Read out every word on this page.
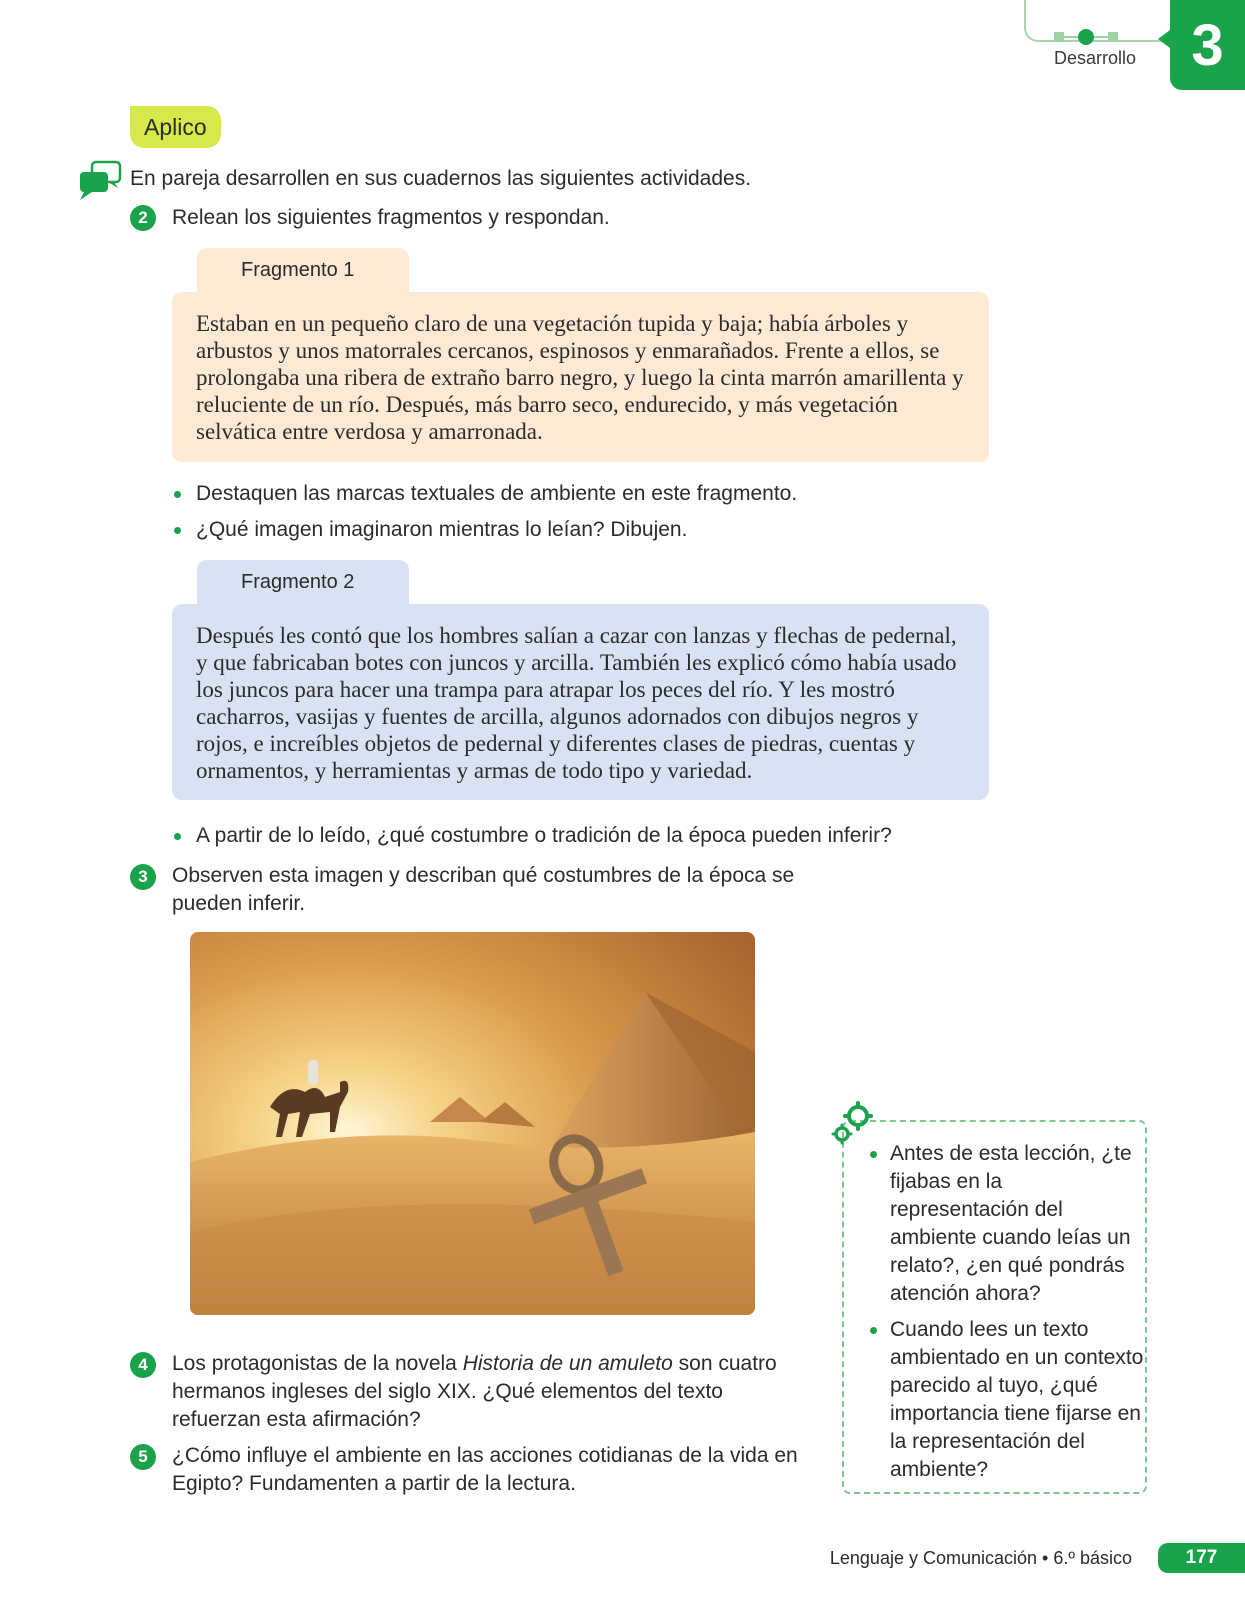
Desarrollo 3
Aplico
En pareja desarrollen en sus cuadernos las siguientes actividades.
2	Relean los siguientes fragmentos y respondan.
Fragmento 1
Estaban en un pequeño claro de una vegetación tupida y baja; había árboles y arbustos y unos matorrales cercanos, espinosos y enmarañados. Frente a ellos, se prolongaba una ribera de extraño barro negro, y luego la cinta marrón amarillenta y reluciente de un río. Después, más barro seco, endurecido, y más vegetación selvática entre verdosa y amarronada.
Destaquen las marcas textuales de ambiente en este fragmento.
¿Qué imagen imaginaron mientras lo leían? Dibujen.
Fragmento 2
Después les contó que los hombres salían a cazar con lanzas y flechas de pedernal, y que fabricaban botes con juncos y arcilla. También les explicó cómo había usado los juncos para hacer una trampa para atrapar los peces del río. Y les mostró cacharros, vasijas y fuentes de arcilla, algunos adornados con dibujos negros y rojos, e increíbles objetos de pedernal y diferentes clases de piedras, cuentas y ornamentos, y herramientas y armas de todo tipo y variedad.
A partir de lo leído, ¿qué costumbre o tradición de la época pueden inferir?
3	Observen esta imagen y describan qué costumbres de la época se pueden inferir.
4	Los protagonistas de la novela Historia de un amuleto son cuatro hermanos ingleses del siglo XIX. ¿Qué elementos del texto refuerzan esta afirmación?
5	¿Cómo influye el ambiente en las acciones cotidianas de la vida en Egipto? Fundamenten a partir de la lectura.
Antes de esta lección, ¿te fijabas en la representación del ambiente cuando leías un relato?, ¿en qué pondrás atención ahora?
Cuando lees un texto ambientado en un contexto parecido al tuyo, ¿qué importancia tiene fijarse en la representación del ambiente?
Lenguaje y Comunicación • 6.º básico	177
